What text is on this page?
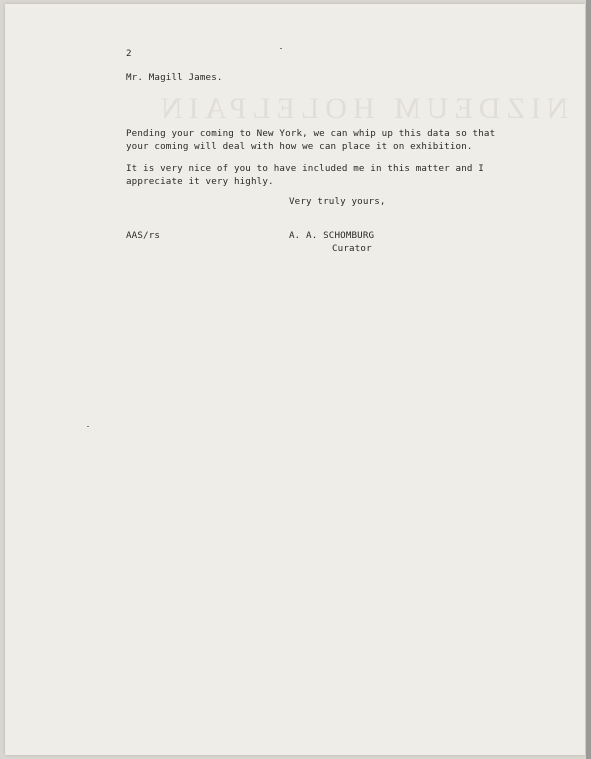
NIZDEUM HOLELPAIN
2
Mr. Magill James.
Pending your coming to New York, we can whip up this data so that
your coming will deal with how we can place it on exhibition.
It is very nice of you to have included me in this matter and I
appreciate it very highly.
Very truly yours,
AAS/rs	A. A. SCHOMBURG
Curator
